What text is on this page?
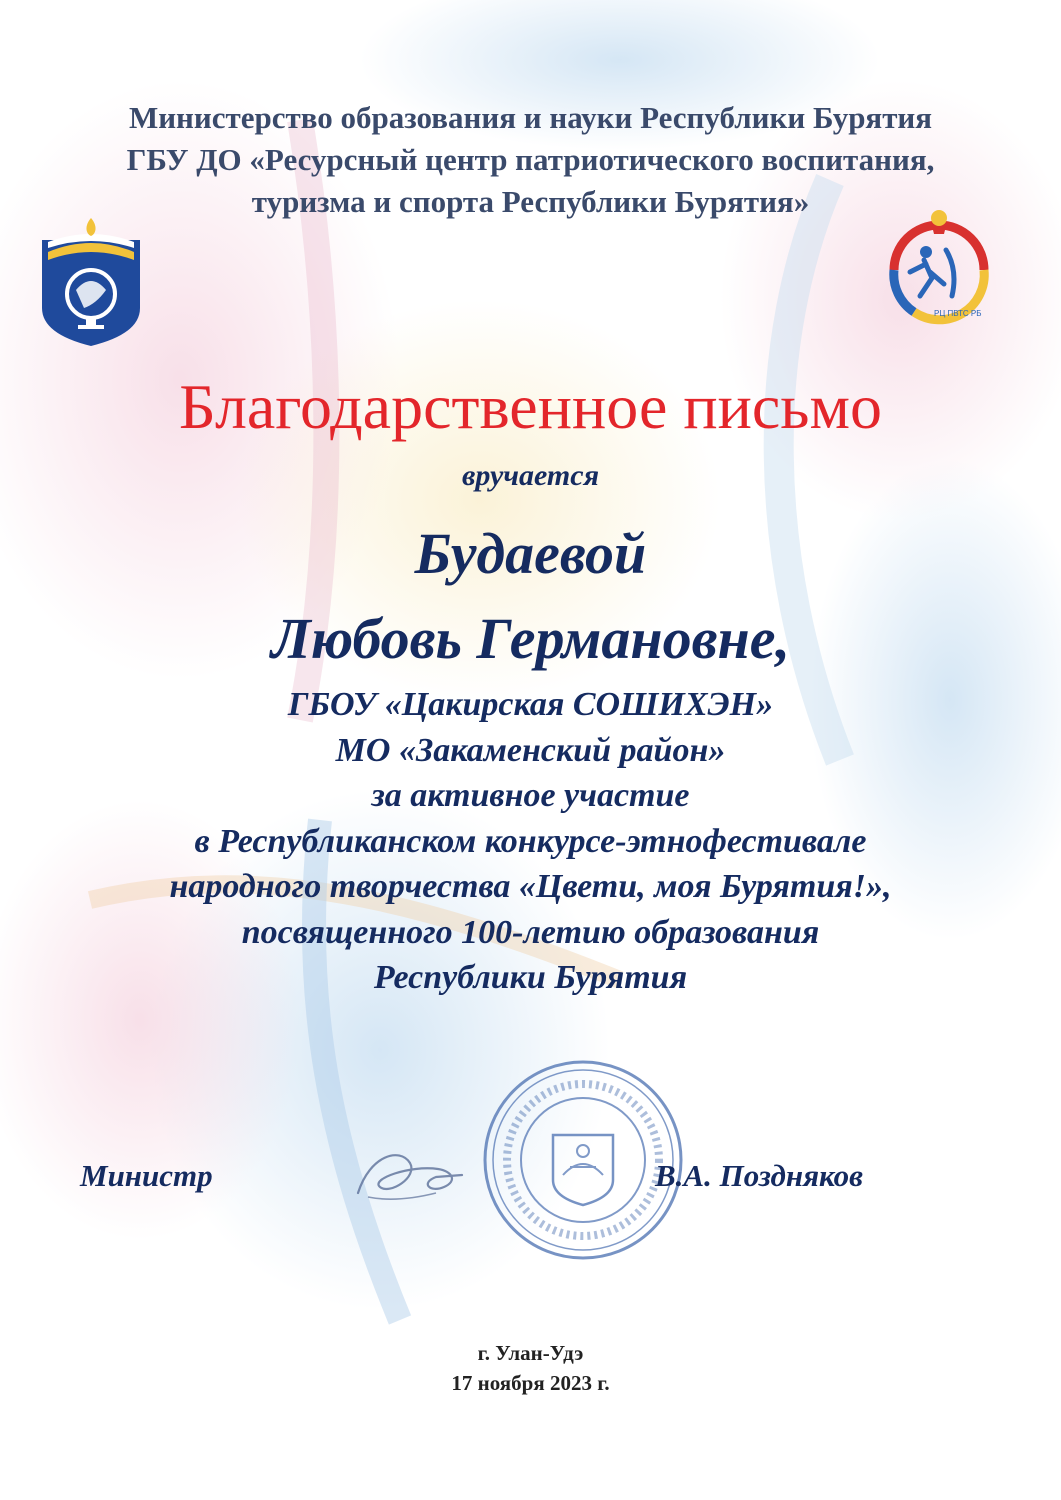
Министерство образования и науки Республики Бурятия
ГБУ ДО «Ресурсный центр патриотического воспитания,
туризма и спорта Республики Бурятия»
РЦ ПВТС РБ
Благодарственное письмо
вручается
Будаевой
Любовь Германовне,
ГБОУ «Цакирская СОШИХЭН»
МО «Закаменский район»
за активное участие
в Республиканском конкурсе-этнофестивале
народного творчества «Цвети, моя Бурятия!»,
посвященного 100-летию образования
Республики Бурятия
Министр	В.А. Поздняков
г. Улан-Удэ
17 ноября 2023 г.
